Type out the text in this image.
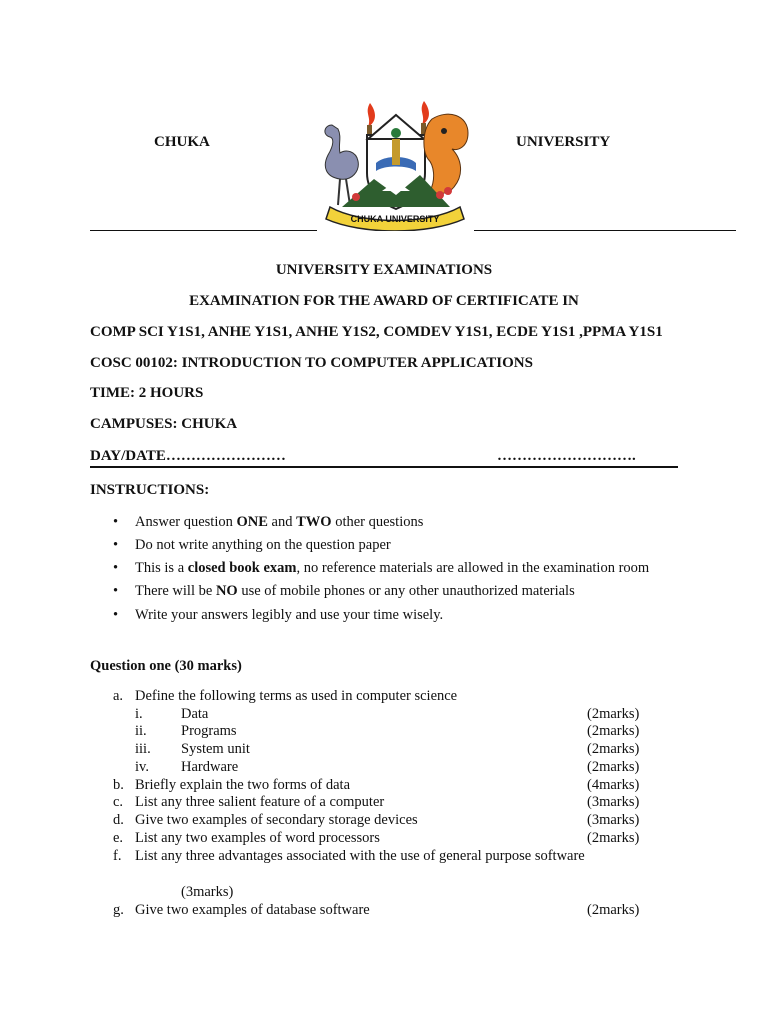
CHUKA	UNIVERSITY
CHUKA UNIVERSITY
UNIVERSITY EXAMINATIONS
EXAMINATION FOR THE AWARD OF CERTIFICATE IN
COMP SCI Y1S1, ANHE Y1S1, ANHE Y1S2, COMDEV Y1S1, ECDE Y1S1 ,PPMA Y1S1
COSC 00102: INTRODUCTION TO COMPUTER APPLICATIONS
TIME: 2 HOURS
CAMPUSES: CHUKA
DAY/DATE……………………	……………………….
INSTRUCTIONS:
• Answer question ONE and TWO other questions
• Do not write anything on the question paper
• This is a closed book exam, no reference materials are allowed in the examination room
• There will be NO use of mobile phones or any other unauthorized materials
• Write your answers legibly and use your time wisely.
Question one (30 marks)
a. Define the following terms as used in computer science
i.	Data	(2marks)
ii. Programs	(2marks)
iii. System unit	(2marks)
iv. Hardware	(2marks)
b. Briefly explain the two forms of data	(4marks)
c. List any three salient feature of a computer	(3marks)
d. Give two examples of secondary storage devices	(3marks)
e. List any two examples of word processors	(2marks)
f. List any three advantages associated with the use of general purpose software
(3marks)
g. Give two examples of database software	(2marks)
